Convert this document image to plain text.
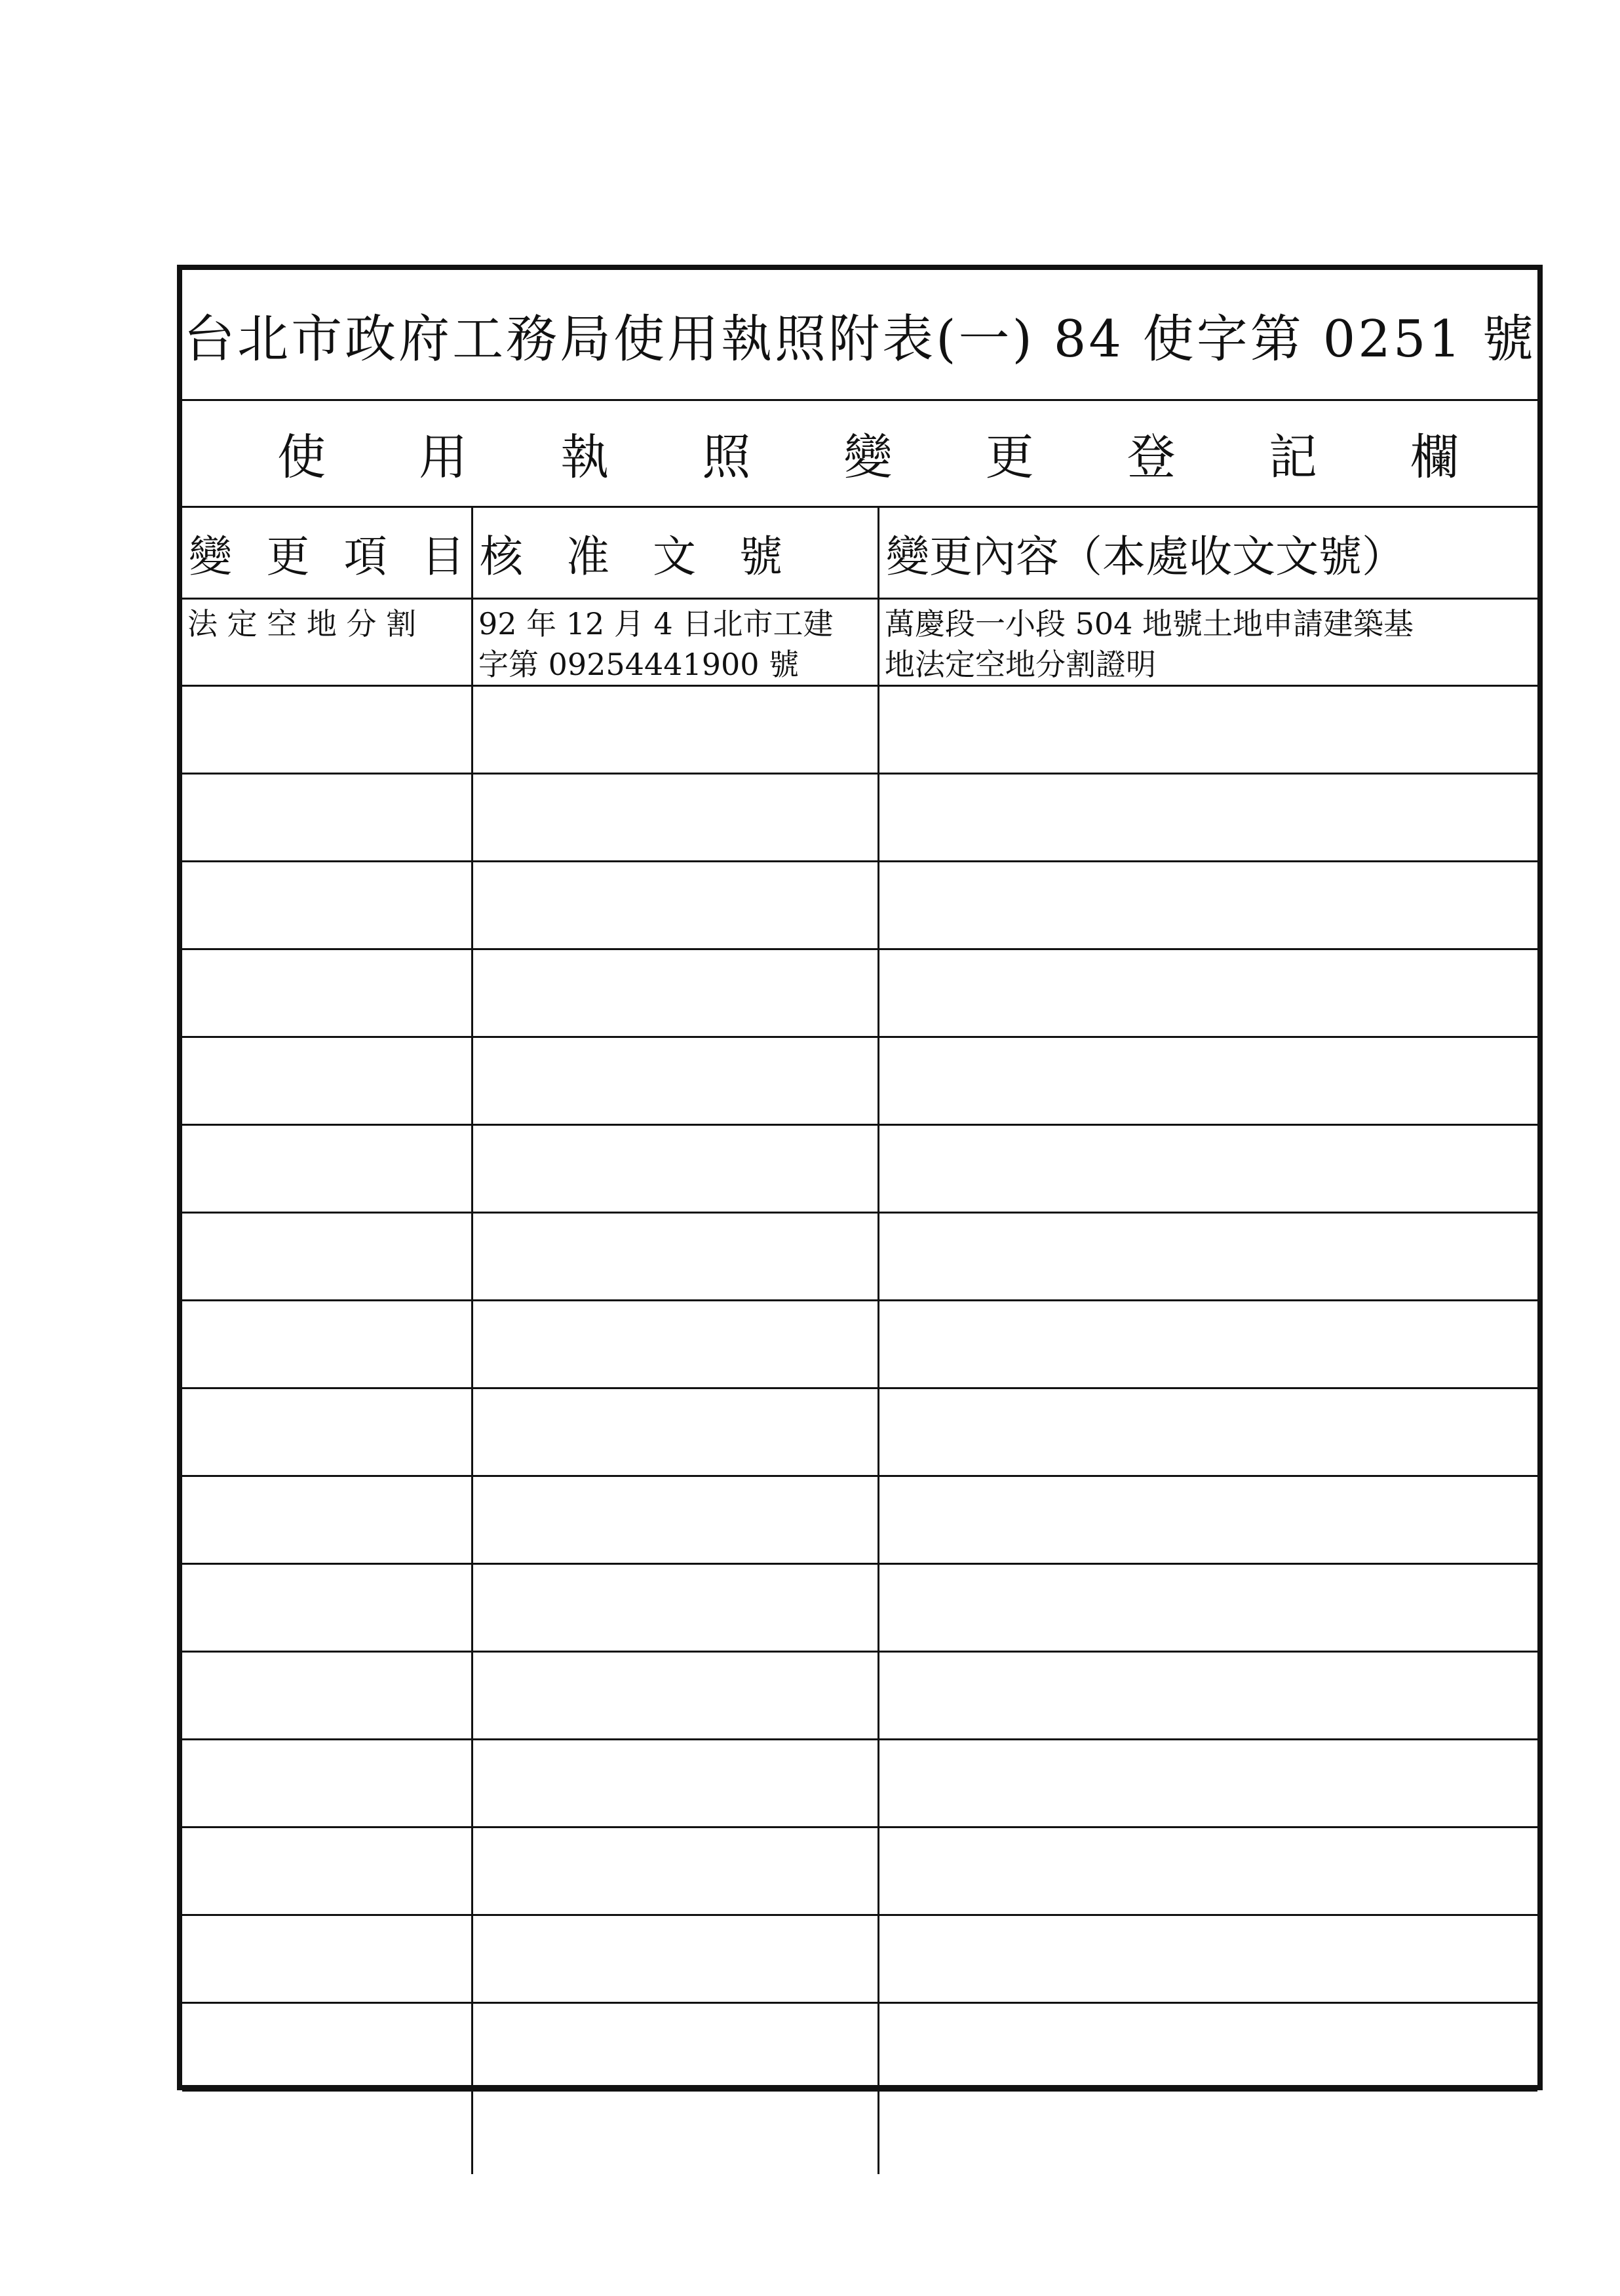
台北市政府工務局使用執照附表(一) 84 使字第 0251 號
使 用 執 照 變 更 登 記 欄
變 更 項 目 核　准　文　號 變更內容（本處收文文號）
法 定 空 地 分 割	92 年 12 月 4 日北市工建
字第 09254441900 號
萬慶段一小段 504 地號土地申請建築基
地法定空地分割證明
